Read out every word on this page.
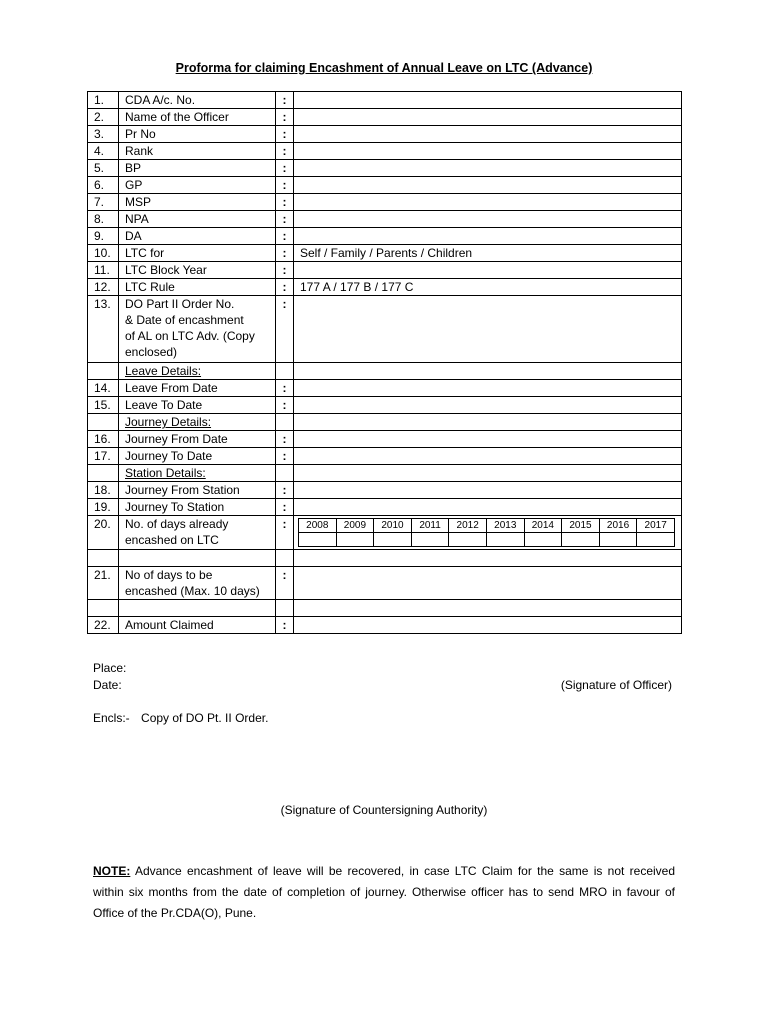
Proforma for claiming Encashment of Annual Leave on LTC (Advance)
1.	CDA A/c. No.	:	
2.	Name of the Officer	:	
3.	Pr No	:	
4.	Rank	:	
5.	BP	:	
6.	GP	:	
7.	MSP	:	
8.	NPA	:	
9.	DA	:	
10.	LTC for	:	Self / Family / Parents / Children
11.	LTC Block Year	:	
12.	LTC Rule	:	177 A / 177 B / 177 C
13.	DO Part II Order No.
& Date of encashment
of AL on LTC Adv. (Copy
enclosed)
	:	
	Leave Details:		
14.	Leave From Date	:	
15.	Leave To Date	:	
	Journey Details:		
16.	Journey From Date	:	
17.	Journey To Date	:	
	Station Details:		
18.	Journey From Station	:	
19.	Journey To Station	:	
20.	No. of days already
encashed on LTC
	:	2008	2009	2010	2011	2012	2013	2014	2015	2016	2017

21.	No of days to be
encashed (Max. 10 days)
	:	

22.	Amount Claimed	:	
Place:
Date:	(Signature of Officer)
Encls:- Copy of DO Pt. II Order.
(Signature of Countersigning Authority)
NOTE: Advance encashment of leave will be recovered, in case LTC Claim for the same is not received within six months from the date of completion of journey. Otherwise officer has to send MRO in favour of Office of the Pr.CDA(O), Pune.
